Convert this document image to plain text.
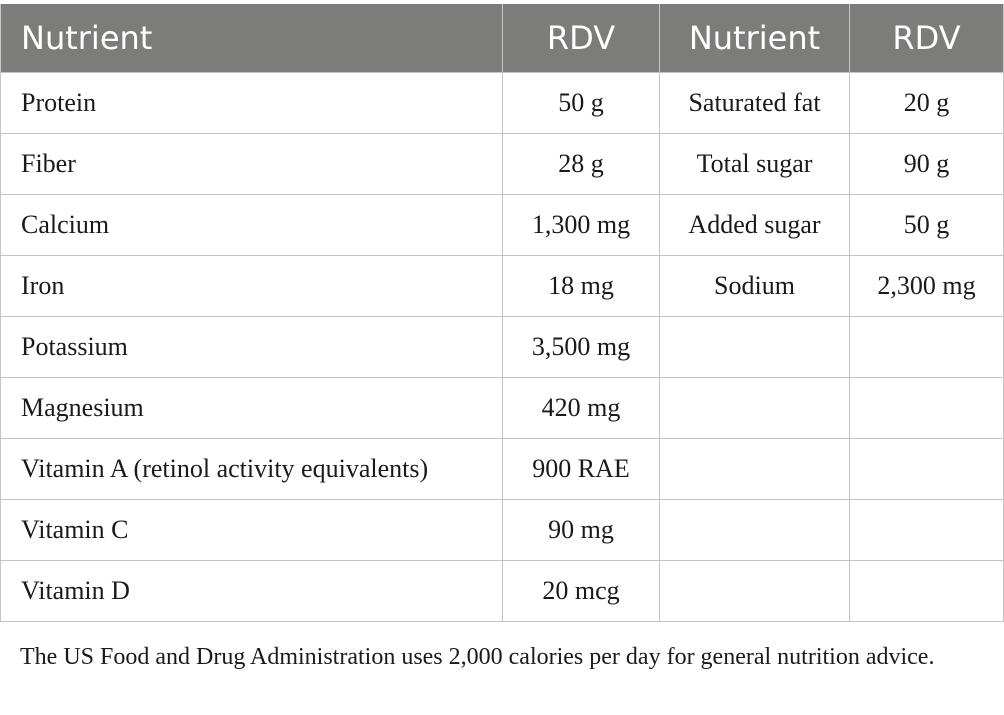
Nutrient	RDV	Nutrient	RDV
Protein	50 g	Saturated fat	20 g
Fiber	28 g	Total sugar	90 g
Calcium	1,300 mg	Added sugar	50 g
Iron	18 mg	Sodium	2,300 mg
Potassium	3,500 mg		
Magnesium	420 mg		
Vitamin A (retinol activity equivalents)	900 RAE		
Vitamin C	90 mg		
Vitamin D	20 mcg		

The US Food and Drug Administration uses 2,000 calories per day for general nutrition advice.
